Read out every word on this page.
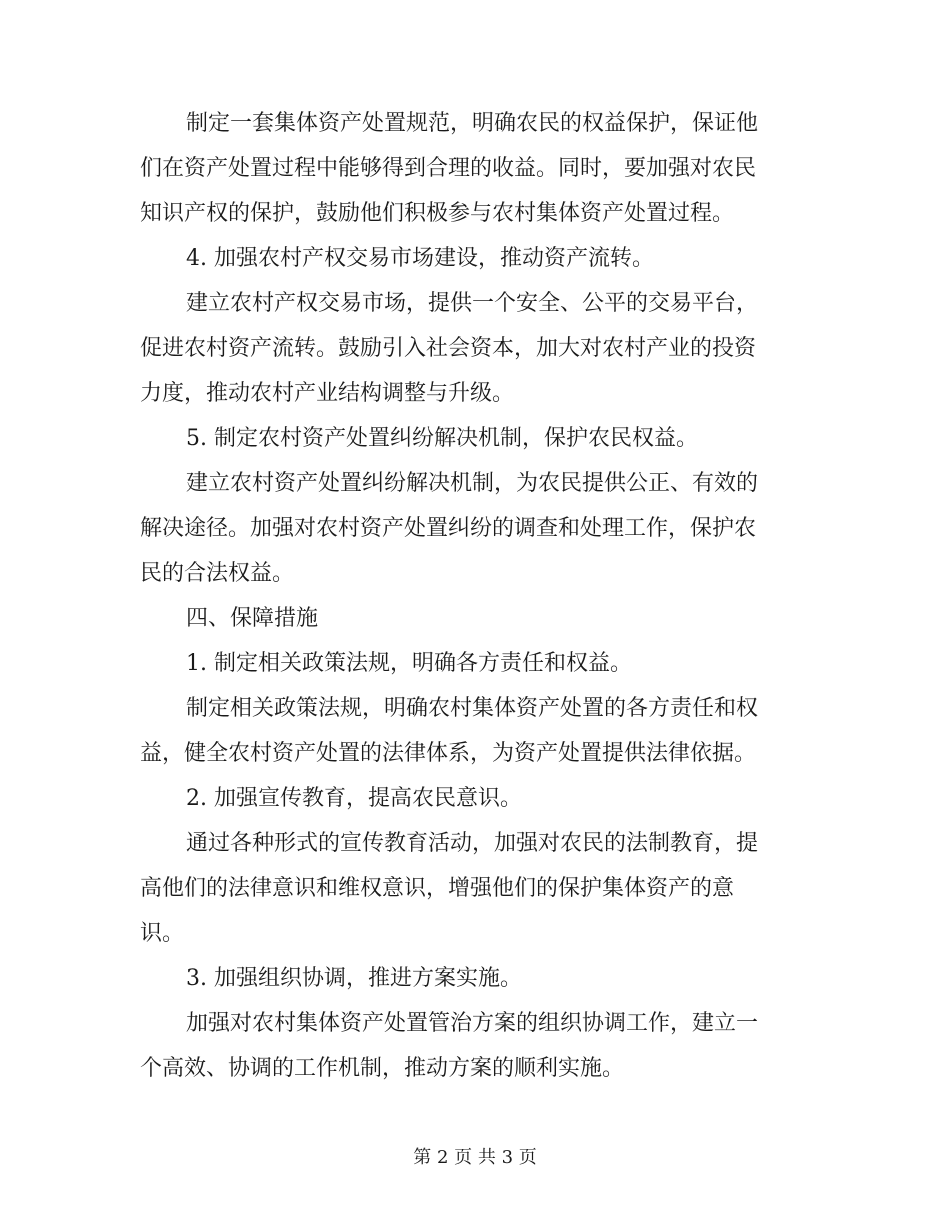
制定一套集体资产处置规范，明确农民的权益保护，保证他

们在资产处置过程中能够得到合理的收益。同时，要加强对农民

知识产权的保护，鼓励他们积极参与农村集体资产处置过程。

4. 加强农村产权交易市场建设，推动资产流转。

建立农村产权交易市场，提供一个安全、公平的交易平台，

促进农村资产流转。鼓励引入社会资本，加大对农村产业的投资

力度，推动农村产业结构调整与升级。

5. 制定农村资产处置纠纷解决机制，保护农民权益。

建立农村资产处置纠纷解决机制，为农民提供公正、有效的

解决途径。加强对农村资产处置纠纷的调查和处理工作，保护农

民的合法权益。

四、保障措施

1. 制定相关政策法规，明确各方责任和权益。

制定相关政策法规，明确农村集体资产处置的各方责任和权

益，健全农村资产处置的法律体系，为资产处置提供法律依据。

2. 加强宣传教育，提高农民意识。

通过各种形式的宣传教育活动，加强对农民的法制教育，提

高他们的法律意识和维权意识，增强他们的保护集体资产的意

识。

3. 加强组织协调，推进方案实施。

加强对农村集体资产处置管治方案的组织协调工作，建立一

个高效、协调的工作机制，推动方案的顺利实施。

第 2 页 共 3 页
